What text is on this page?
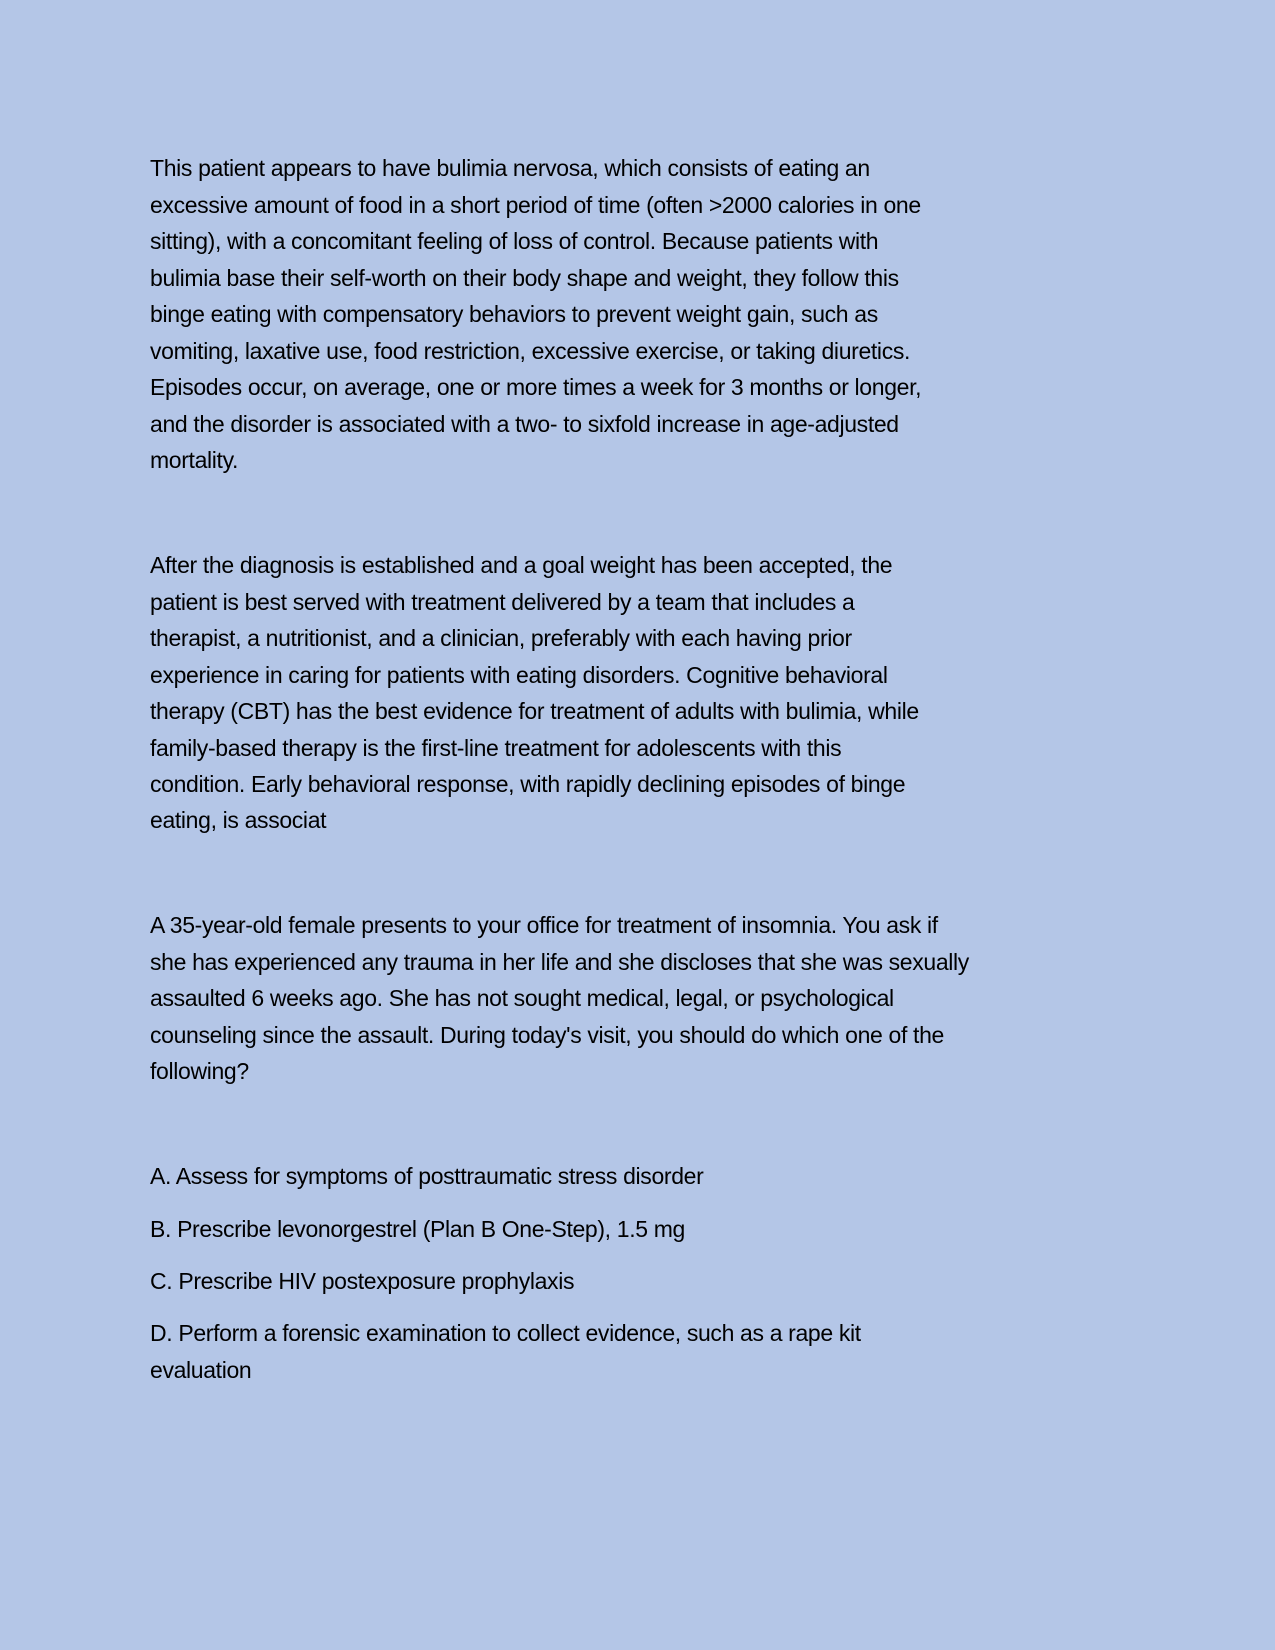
This patient appears to have bulimia nervosa, which consists of eating an
excessive amount of food in a short period of time (often >2000 calories in one
sitting), with a concomitant feeling of loss of control. Because patients with
bulimia base their self-worth on their body shape and weight, they follow this
binge eating with compensatory behaviors to prevent weight gain, such as
vomiting, laxative use, food restriction, excessive exercise, or taking diuretics.
Episodes occur, on average, one or more times a week for 3 months or longer,
and the disorder is associated with a two- to sixfold increase in age-adjusted
mortality.
After the diagnosis is established and a goal weight has been accepted, the
patient is best served with treatment delivered by a team that includes a
therapist, a nutritionist, and a clinician, preferably with each having prior
experience in caring for patients with eating disorders. Cognitive behavioral
therapy (CBT) has the best evidence for treatment of adults with bulimia, while
family-based therapy is the first-line treatment for adolescents with this
condition. Early behavioral response, with rapidly declining episodes of binge
eating, is associat
A 35-year-old female presents to your office for treatment of insomnia. You ask if
she has experienced any trauma in her life and she discloses that she was sexually
assaulted 6 weeks ago. She has not sought medical, legal, or psychological
counseling since the assault. During today's visit, you should do which one of the
following?
A. Assess for symptoms of posttraumatic stress disorder
B. Prescribe levonorgestrel (Plan B One-Step), 1.5 mg
C. Prescribe HIV postexposure prophylaxis
D. Perform a forensic examination to collect evidence, such as a rape kit
evaluation
